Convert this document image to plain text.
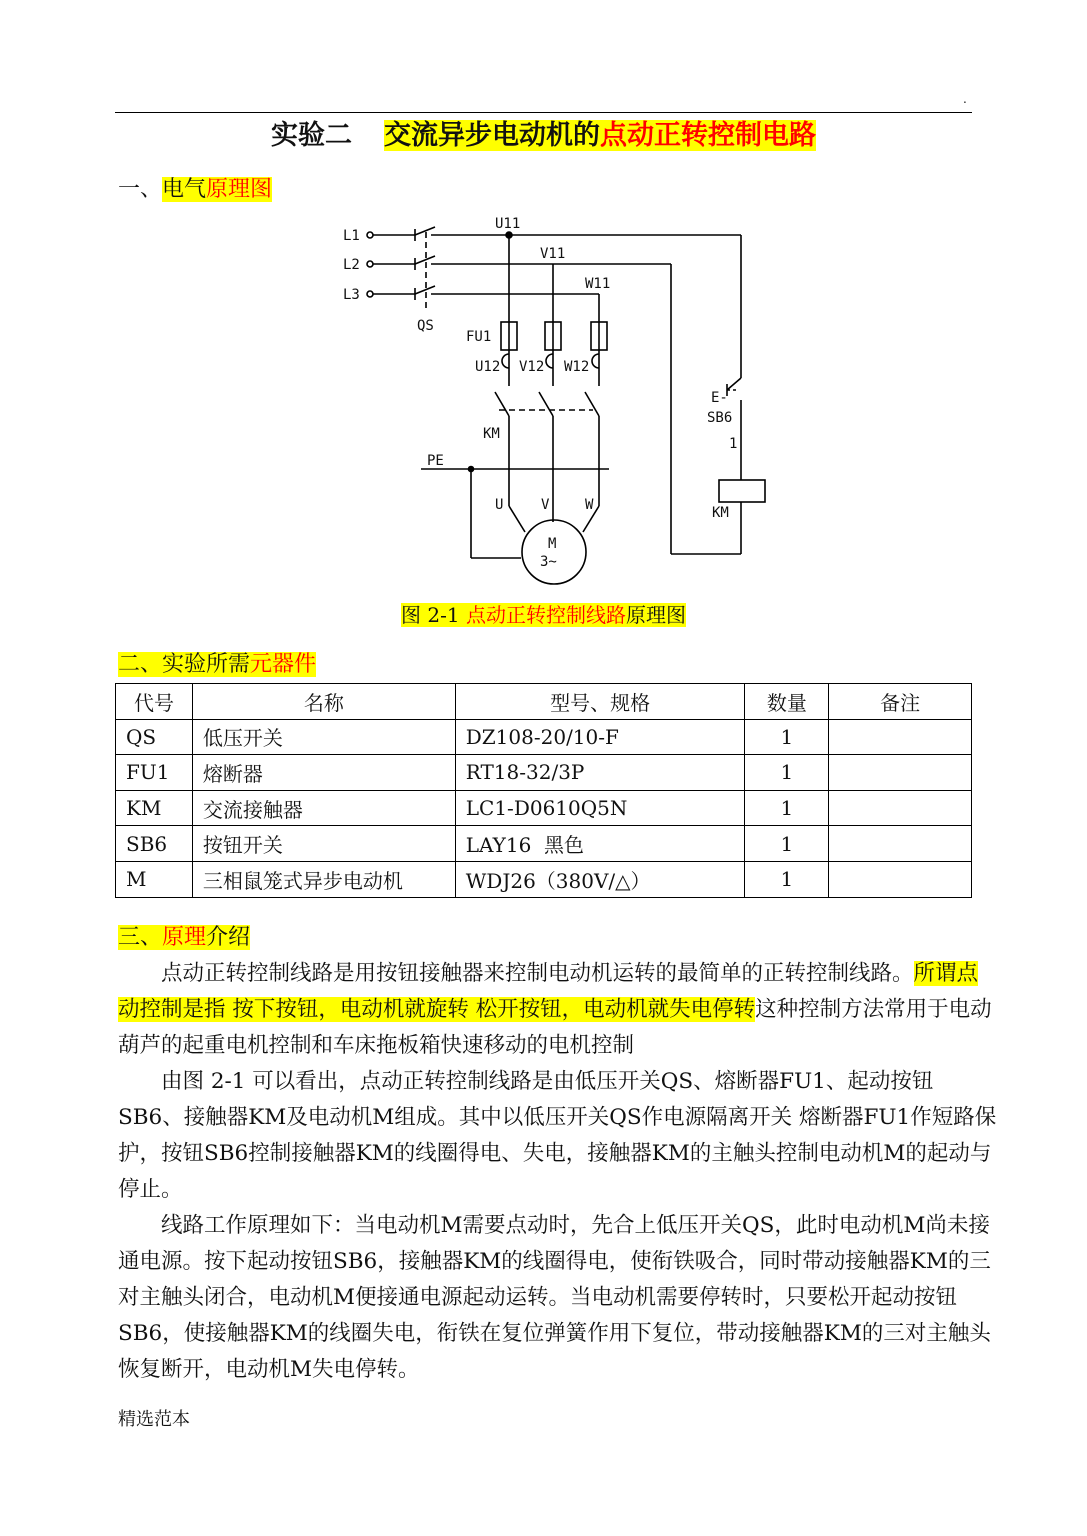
.
实验二 交流异步电动机的点动正转控制电路
一、电气原理图
L1
L2
L3
QS
U11
V11
W11
FU1
U12 V12 W12
KM
PE
U	V	W
M
3~
E-
SB6
1
KM
图 2-1 点动正转控制线路原理图
二、实验所需元器件
代号	名称	型号、规格	数量	备注
QS	低压开关	DZ108-20/10-F	1	
FU1	熔断器	RT18-32/3P	1	
KM	交流接触器	LC1-D0610Q5N	1	
SB6	按钮开关	LAY16  黑色	1	
M	三相鼠笼式异步电动机	WDJ26（380V/△）	1	
三、原理介绍

点动正转控制线路是用按钮接触器来控制电动机运转的最简单的正转控制线路。所谓点动控制是指 按下按钮，电动机就旋转 松开按钮，电动机就失电停转这种控制方法常用于电动葫芦的起重电机控制和车床拖板箱快速移动的电机控制

由图 2-1 可以看出，点动正转控制线路是由低压开关QS、熔断器FU1、起动按钮SB6、接触器KM及电动机M组成。其中以低压开关QS作电源隔离开关 熔断器FU1作短路保护，按钮SB6控制接触器KM的线圈得电、失电，接触器KM的主触头控制电动机M的起动与停止。

线路工作原理如下：当电动机M需要点动时，先合上低压开关QS，此时电动机M尚未接通电源。按下起动按钮SB6，接触器KM的线圈得电，使衔铁吸合，同时带动接触器KM的三对主触头闭合，电动机M便接通电源起动运转。当电动机需要停转时，只要松开起动按钮SB6，使接触器KM的线圈失电，衔铁在复位弹簧作用下复位，带动接触器KM的三对主触头恢复断开，电动机M失电停转。

精选范本
